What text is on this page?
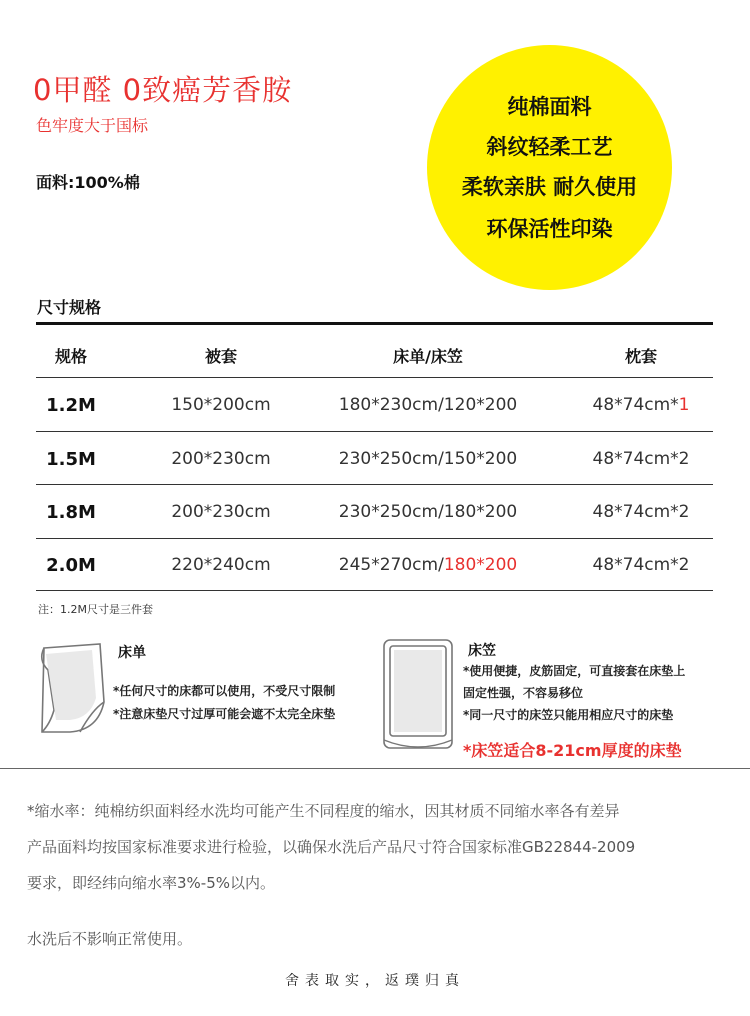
0甲醛 0致癌芳香胺
色牢度大于国标
面料:100%棉
纯棉面料
斜纹轻柔工艺
柔软亲肤 耐久使用
环保活性印染
尺寸规格
规格	被套	床单/床笠	枕套
1.2M	150*200cm	180*230cm/120*200	48*74cm*1
1.5M	200*230cm	230*250cm/150*200	48*74cm*2
1.8M	200*230cm	230*250cm/180*200	48*74cm*2
2.0M	220*240cm	245*270cm/180*200	48*74cm*2
注：1.2M尺寸是三件套
床单
*任何尺寸的床都可以使用，不受尺寸限制
*注意床垫尺寸过厚可能会遮不太完全床垫
床笠
*使用便捷，皮筋固定，可直接套在床垫上
固定性强，不容易移位
*同一尺寸的床笠只能用相应尺寸的床垫
*床笠适合8-21cm厚度的床垫
*缩水率：纯棉纺织面料经水洗均可能产生不同程度的缩水，因其材质不同缩水率各有差异
产品面料均按国家标准要求进行检验，以确保水洗后产品尺寸符合国家标准GB22844-2009
要求，即经纬向缩水率3%-5%以内。
水洗后不影响正常使用。
舍表取实，返璞归真
